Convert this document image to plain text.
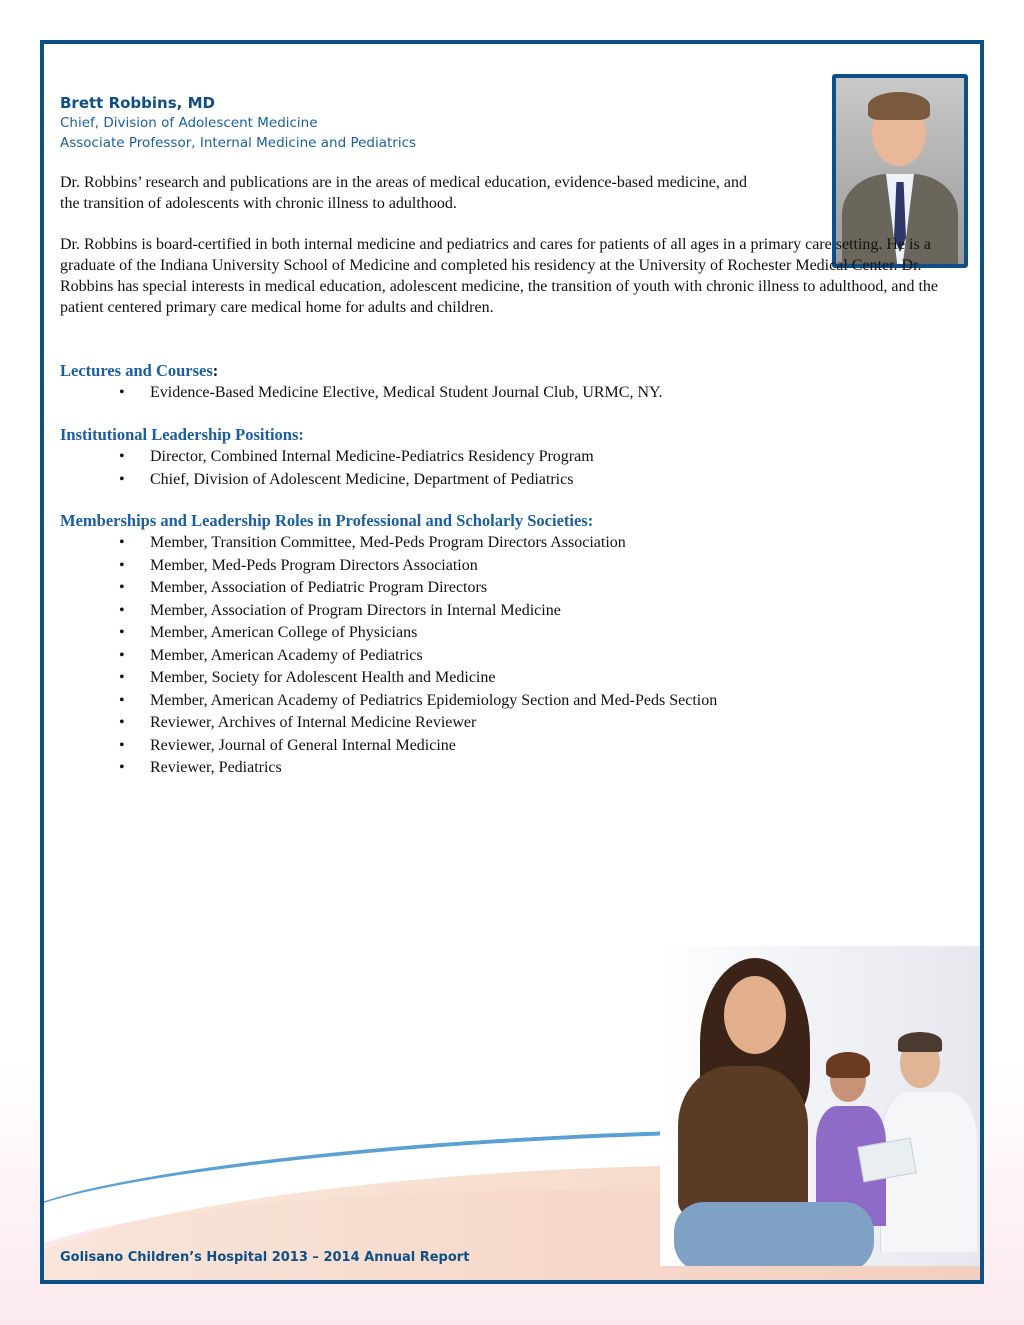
Brett Robbins, MD

Chief, Division of Adolescent Medicine

Associate Professor, Internal Medicine and Pediatrics

Dr. Robbins’ research and publications are in the areas of medical education, evidence-based medicine, and the transition of adolescents with chronic illness to adulthood.

Dr. Robbins is board-certified in both internal medicine and pediatrics and cares for patients of all ages in a primary care setting. He is a graduate of the Indiana University School of Medicine and completed his residency at the University of Rochester Medical Center. Dr. Robbins has special interests in medical education, adolescent medicine, the transition of youth with chronic illness to adulthood, and the patient centered primary care medical home for adults and children.

Lectures and Courses:

• Evidence-Based Medicine Elective, Medical Student Journal Club, URMC, NY.

Institutional Leadership Positions:

• Director, Combined Internal Medicine-Pediatrics Residency Program
• Chief, Division of Adolescent Medicine, Department of Pediatrics

Memberships and Leadership Roles in Professional and Scholarly Societies:

• Member, Transition Committee, Med-Peds Program Directors Association
• Member, Med-Peds Program Directors Association
• Member, Association of Pediatric Program Directors
• Member, Association of Program Directors in Internal Medicine
• Member, American College of Physicians
• Member, American Academy of Pediatrics
• Member, Society for Adolescent Health and Medicine
• Member, American Academy of Pediatrics Epidemiology Section and Med-Peds Section
• Reviewer, Archives of Internal Medicine Reviewer
• Reviewer, Journal of General Internal Medicine
• Reviewer, Pediatrics
Golisano Children’s Hospital 2013 – 2014 Annual Report
